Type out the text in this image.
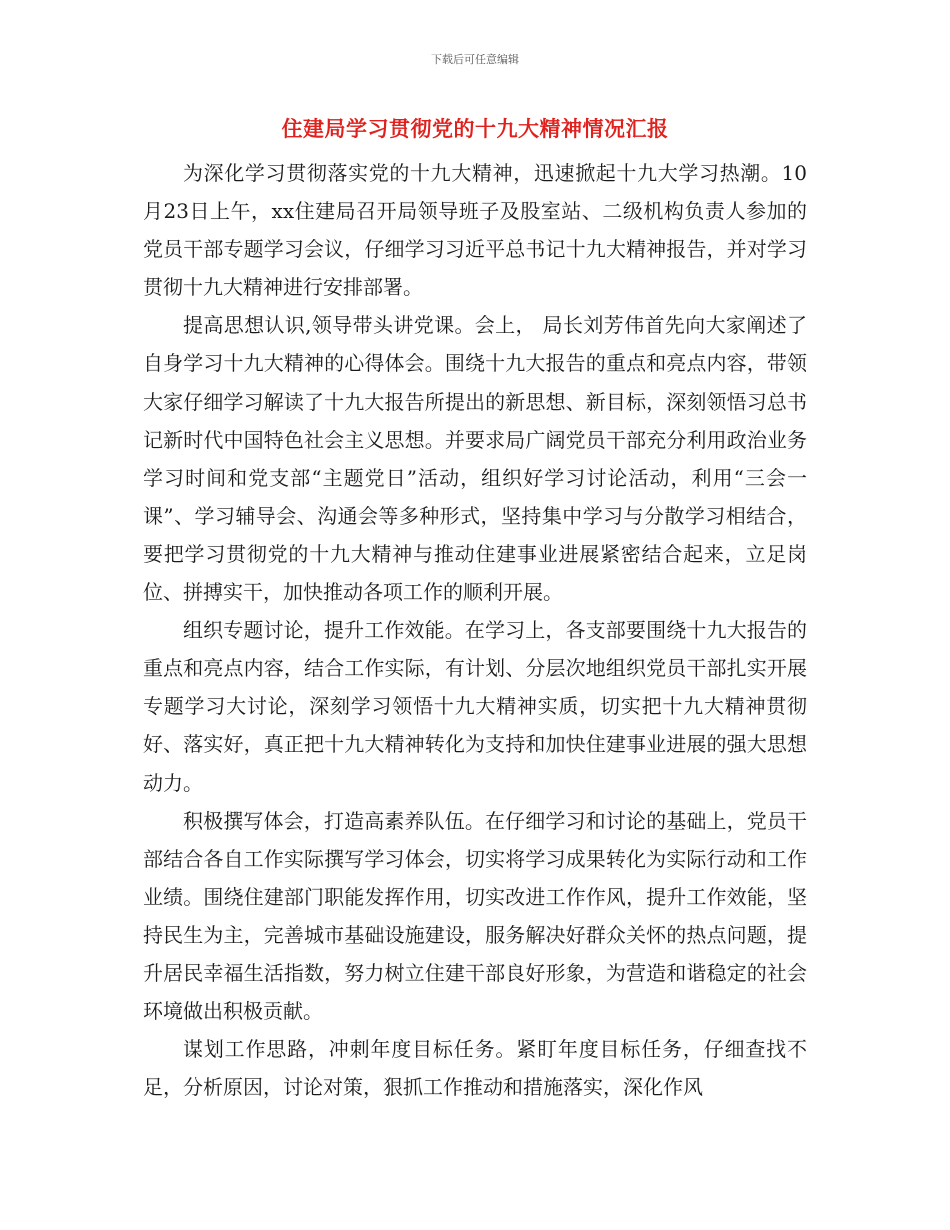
下载后可任意编辑
住建局学习贯彻党的十九大精神情况汇报

为深化学习贯彻落实党的十九大精神，迅速掀起十九大学习热潮。10月23日上午，xx住建局召开局领导班子及股室站、二级机构负责人参加的党员干部专题学习会议，仔细学习习近平总书记十九大精神报告，并对学习贯彻十九大精神进行安排部署。

提高思想认识,领导带头讲党课。会上， 局长刘芳伟首先向大家阐述了自身学习十九大精神的心得体会。围绕十九大报告的重点和亮点内容，带领大家仔细学习解读了十九大报告所提出的新思想、新目标，深刻领悟习总书记新时代中国特色社会主义思想。并要求局广阔党员干部充分利用政治业务学习时间和党支部“主题党日”活动，组织好学习讨论活动，利用“三会一课”、学习辅导会、沟通会等多种形式，坚持集中学习与分散学习相结合，要把学习贯彻党的十九大精神与推动住建事业进展紧密结合起来，立足岗位、拼搏实干，加快推动各项工作的顺利开展。

组织专题讨论，提升工作效能。在学习上，各支部要围绕十九大报告的重点和亮点内容，结合工作实际，有计划、分层次地组织党员干部扎实开展专题学习大讨论，深刻学习领悟十九大精神实质，切实把十九大精神贯彻好、落实好，真正把十九大精神转化为支持和加快住建事业进展的强大思想动力。

积极撰写体会，打造高素养队伍。在仔细学习和讨论的基础上，党员干部结合各自工作实际撰写学习体会，切实将学习成果转化为实际行动和工作业绩。围绕住建部门职能发挥作用，切实改进工作作风，提升工作效能，坚持民生为主，完善城市基础设施建设，服务解决好群众关怀的热点问题，提升居民幸福生活指数，努力树立住建干部良好形象，为营造和谐稳定的社会环境做出积极贡献。

谋划工作思路，冲刺年度目标任务。紧盯年度目标任务，仔细查找不足，分析原因，讨论对策，狠抓工作推动和措施落实，深化作风
